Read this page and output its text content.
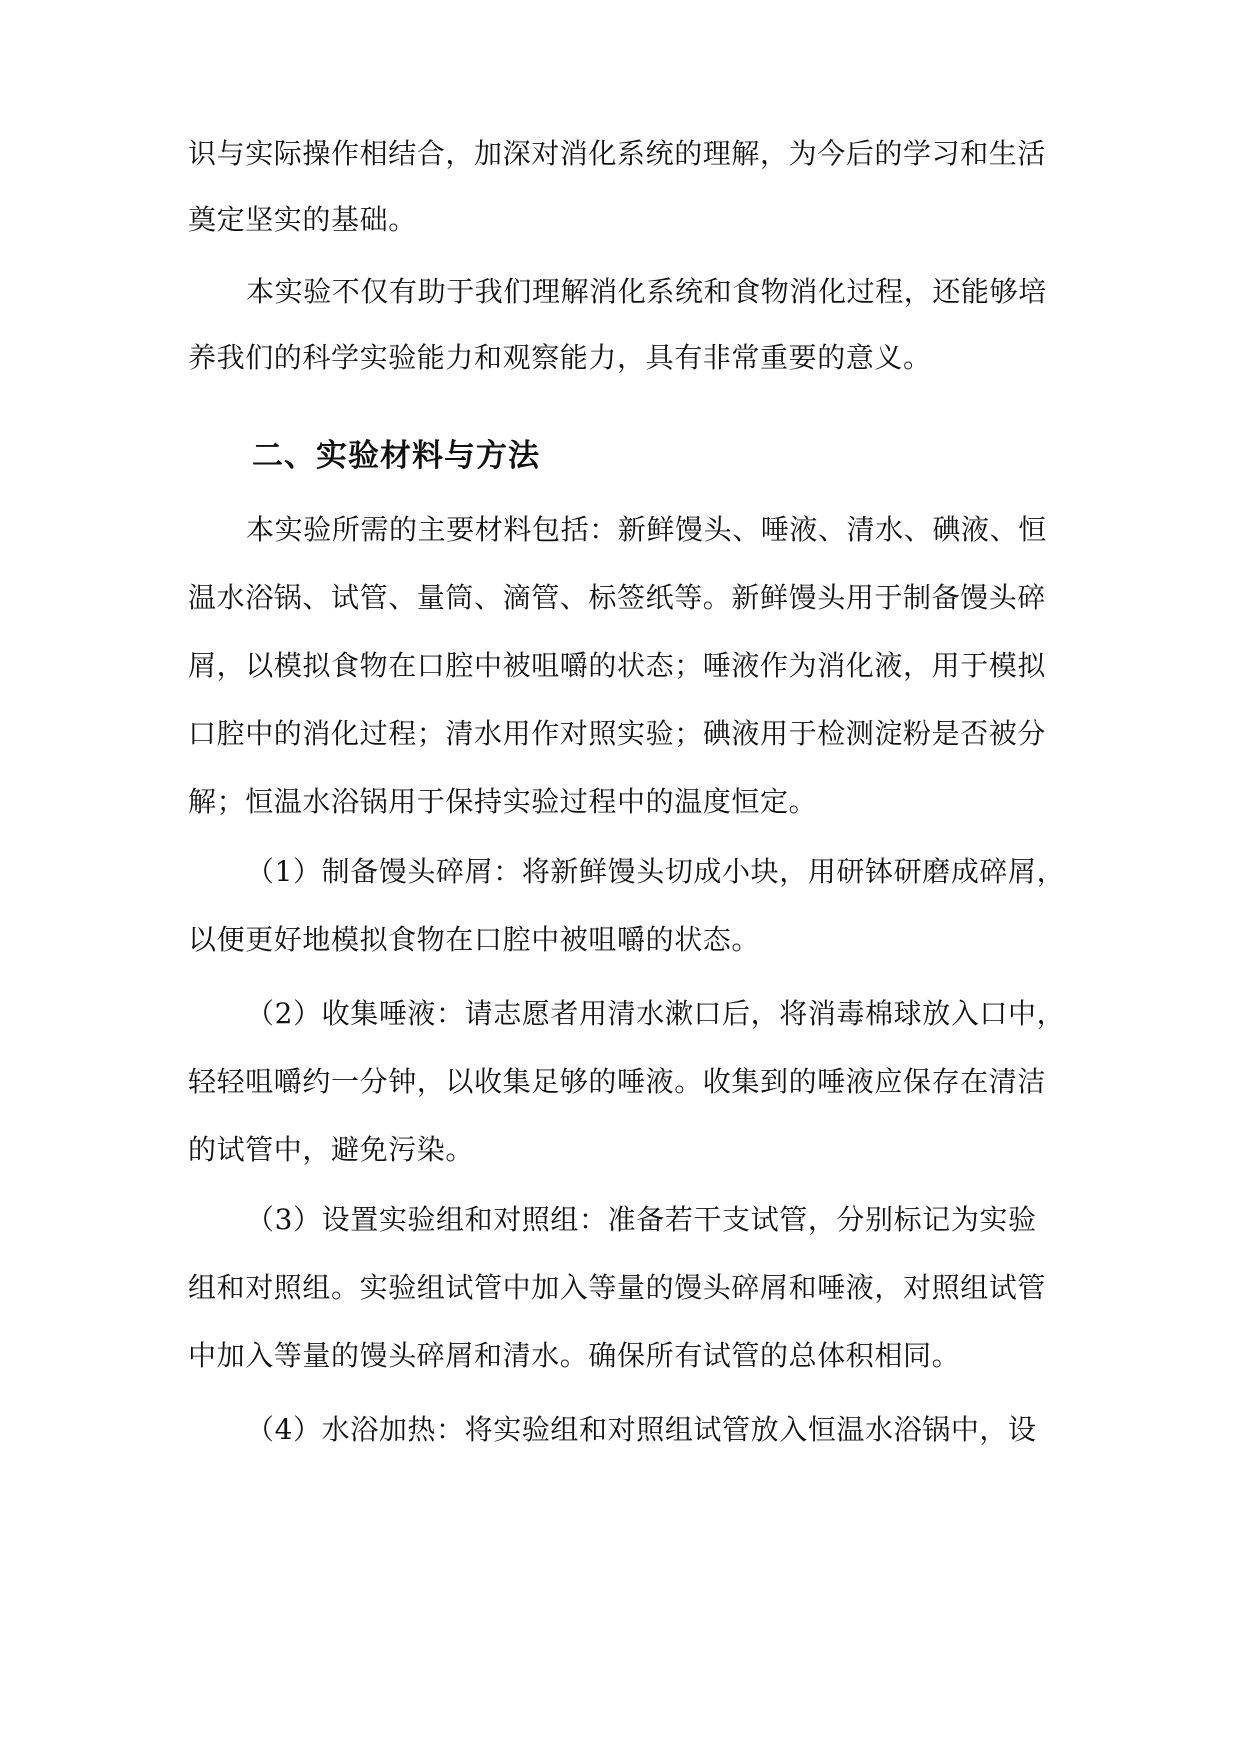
识与实际操作相结合，加深对消化系统的理解，为今后的学习和生活
奠定坚实的基础。
本实验不仅有助于我们理解消化系统和食物消化过程，还能够培
养我们的科学实验能力和观察能力，具有非常重要的意义。
二、实验材料与方法
本实验所需的主要材料包括：新鲜馒头、唾液、清水、碘液、恒
温水浴锅、试管、量筒、滴管、标签纸等。新鲜馒头用于制备馒头碎
屑，以模拟食物在口腔中被咀嚼的状态；唾液作为消化液，用于模拟
口腔中的消化过程；清水用作对照实验；碘液用于检测淀粉是否被分
解；恒温水浴锅用于保持实验过程中的温度恒定。
（1）制备馒头碎屑：将新鲜馒头切成小块，用研钵研磨成碎屑，
以便更好地模拟食物在口腔中被咀嚼的状态。
（2）收集唾液：请志愿者用清水漱口后，将消毒棉球放入口中，
轻轻咀嚼约一分钟，以收集足够的唾液。收集到的唾液应保存在清洁
的试管中，避免污染。
（3）设置实验组和对照组：准备若干支试管，分别标记为实验
组和对照组。实验组试管中加入等量的馒头碎屑和唾液，对照组试管
中加入等量的馒头碎屑和清水。确保所有试管的总体积相同。
（4）水浴加热：将实验组和对照组试管放入恒温水浴锅中，设
